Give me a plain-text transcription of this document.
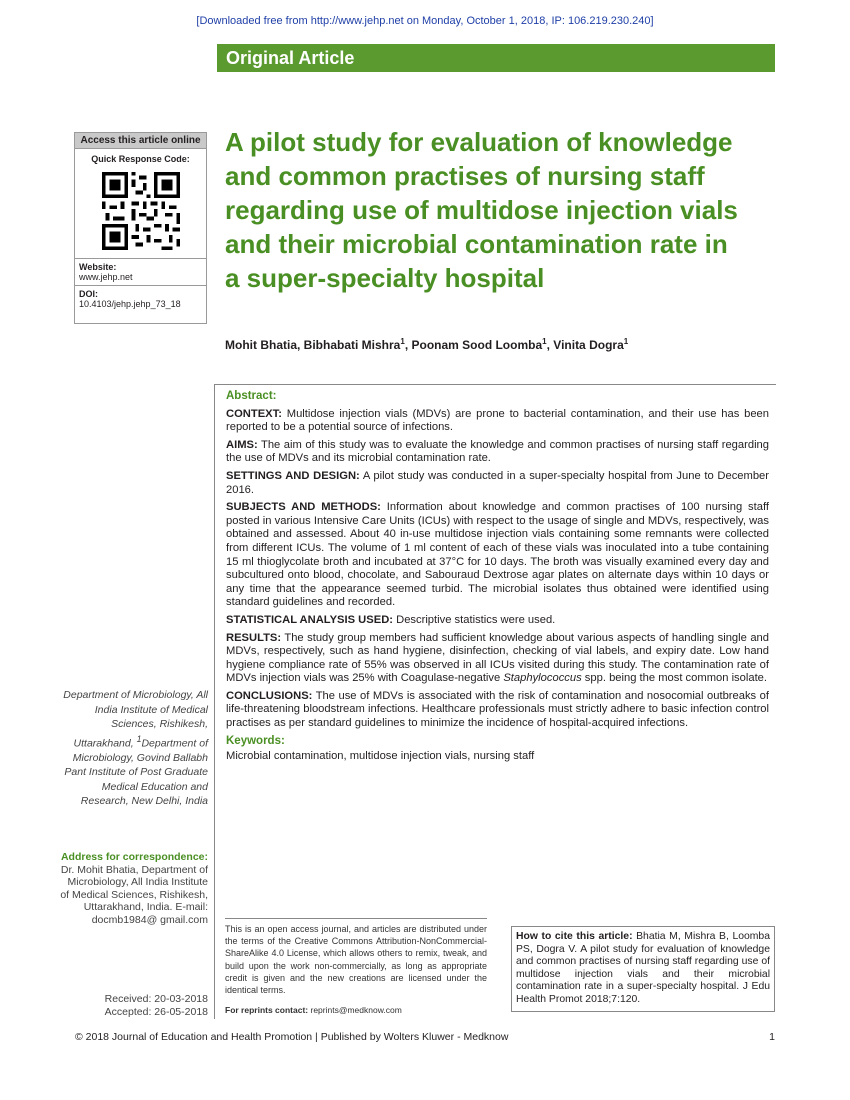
[Downloaded free from http://www.jehp.net on Monday, October 1, 2018, IP: 106.219.230.240]
Original Article
Access this article online
Quick Response Code:
Website:
www.jehp.net
DOI:
10.4103/jehp.jehp_73_18
A pilot study for evaluation of knowledge and common practises of nursing staff regarding use of multidose injection vials and their microbial contamination rate in a super-specialty hospital
Mohit Bhatia, Bibhabati Mishra$^1$, Poonam Sood Loomba$^1$, Vinita Dogra$^1$
Abstract:

CONTEXT: Multidose injection vials (MDVs) are prone to bacterial contamination, and their use has been reported to be a potential source of infections.

AIMS: The aim of this study was to evaluate the knowledge and common practises of nursing staff regarding the use of MDVs and its microbial contamination rate.

SETTINGS AND DESIGN: A pilot study was conducted in a super-specialty hospital from June to December 2016.

SUBJECTS AND METHODS: Information about knowledge and common practises of 100 nursing staff posted in various Intensive Care Units (ICUs) with respect to the usage of single and MDVs, respectively, was obtained and assessed. About 40 in-use multidose injection vials containing some remnants were collected from different ICUs. The volume of 1 ml content of each of these vials was inoculated into a tube containing 15 ml thioglycolate broth and incubated at 37°C for 10 days. The broth was visually examined every day and subcultured onto blood, chocolate, and Sabouraud Dextrose agar plates on alternate days within 10 days or any time that the appearance seemed turbid. The microbial isolates thus obtained were identified using standard guidelines and recorded.

STATISTICAL ANALYSIS USED: Descriptive statistics were used.

RESULTS: The study group members had sufficient knowledge about various aspects of handling single and MDVs, respectively, such as hand hygiene, disinfection, checking of vial labels, and expiry date. Low hand hygiene compliance rate of 55% was observed in all ICUs visited during this study. The contamination rate of MDVs injection vials was 25% with Coagulase-negative Staphylococcus spp. being the most common isolate.

CONCLUSIONS: The use of MDVs is associated with the risk of contamination and nosocomial outbreaks of life-threatening bloodstream infections. Healthcare professionals must strictly adhere to basic infection control practises as per standard guidelines to minimize the incidence of hospital-acquired infections.

Keywords:

Microbial contamination, multidose injection vials, nursing staff

Department of Microbiology, All India Institute of Medical Sciences, Rishikesh, Uttarakhand, $^1$Department of Microbiology, Govind Ballabh Pant Institute of Post Graduate Medical Education and Research, New Delhi, India
Address for correspondence:
Dr. Mohit Bhatia, Department of Microbiology, All India Institute of Medical Sciences, Rishikesh, Uttarakhand, India. E-mail: docmb1984@ gmail.com
Received: 20-03-2018
Accepted: 26-05-2018
This is an open access journal, and articles are distributed under the terms of the Creative Commons Attribution-NonCommercial-ShareAlike 4.0 License, which allows others to remix, tweak, and build upon the work non-commercially, as long as appropriate credit is given and the new creations are licensed under the identical terms.
For reprints contact: reprints@medknow.com
How to cite this article: Bhatia M, Mishra B, Loomba PS, Dogra V. A pilot study for evaluation of knowledge and common practises of nursing staff regarding use of multidose injection vials and their microbial contamination rate in a super-specialty hospital. J Edu Health Promot 2018;7:120.
© 2018 Journal of Education and Health Promotion | Published by Wolters Kluwer - Medknow	1
